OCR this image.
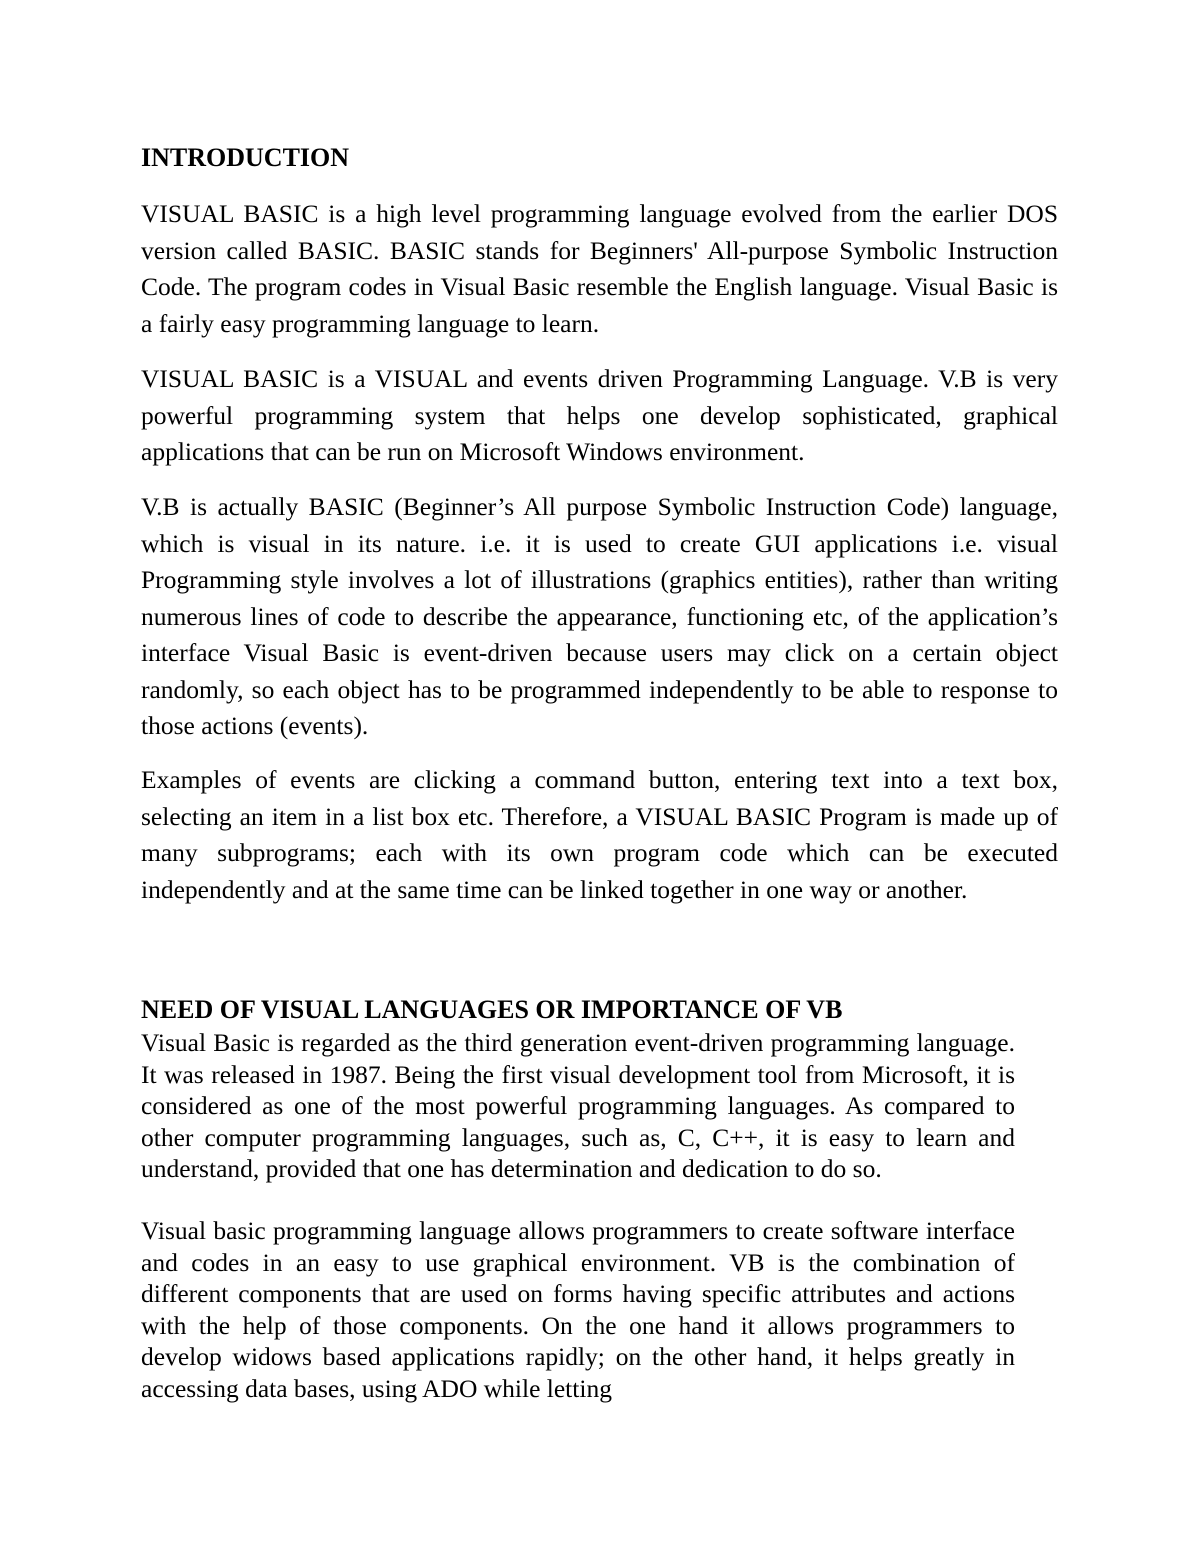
INTRODUCTION

VISUAL BASIC is a high level programming language evolved from the earlier DOS version called BASIC. BASIC stands for Beginners' All-purpose Symbolic Instruction Code. The program codes in Visual Basic resemble the English language. Visual Basic is a fairly easy programming language to learn.

VISUAL BASIC is a VISUAL and events driven Programming Language. V.B is very powerful programming system that helps one develop sophisticated, graphical applications that can be run on Microsoft Windows environment.

V.B is actually BASIC (Beginner’s All purpose Symbolic Instruction Code) language, which is visual in its nature. i.e. it is used to create GUI applications i.e. visual Programming style involves a lot of illustrations (graphics entities), rather than writing numerous lines of code to describe the appearance, functioning etc, of the application’s interface Visual Basic is event-driven because users may click on a certain object randomly, so each object has to be programmed independently to be able to response to those actions (events).

Examples of events are clicking a command button, entering text into a text box, selecting an item in a list box etc. Therefore, a VISUAL BASIC Program is made up of many subprograms; each with its own program code which can be executed independently and at the same time can be linked together in one way or another.

NEED OF VISUAL LANGUAGES OR IMPORTANCE OF VB

Visual Basic is regarded as the third generation event-driven programming language. It was released in 1987. Being the first visual development tool from Microsoft, it is considered as one of the most powerful programming languages. As compared to other computer programming languages, such as, C, C++, it is easy to learn and understand, provided that one has determination and dedication to do so.

Visual basic programming language allows programmers to create software interface and codes in an easy to use graphical environment. VB is the combination of different components that are used on forms having specific attributes and actions with the help of those components. On the one hand it allows programmers to develop widows based applications rapidly; on the other hand, it helps greatly in accessing data bases, using ADO while letting
